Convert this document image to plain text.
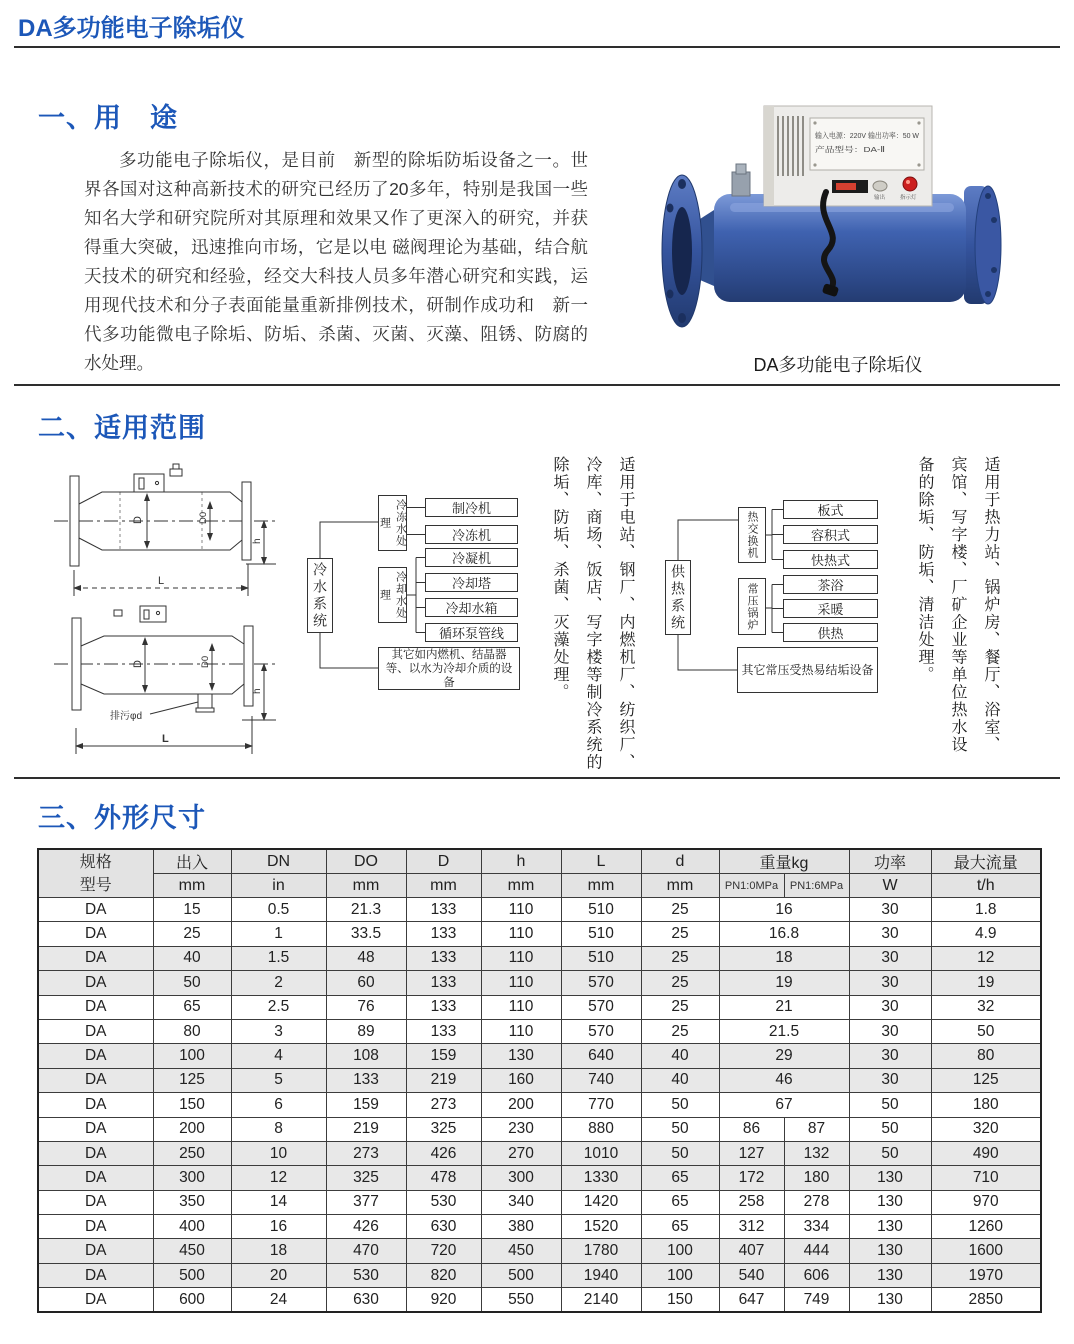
DA多功能电子除垢仪
一、用　途
多功能电子除垢仪，是目前　新型的除垢防垢设备之一。世界各国对这种高新技术的研究已经历了20多年，特别是我国一些知名大学和研究院所对其原理和效果又作了更深入的研究，并获得重大突破，迅速推向市场，它是以电 磁阀理论为基础，结合航天技术的研究和经验，经交大科技人员多年潜心研究和实践，运用现代技术和分子表面能量重新排例技术，研制作成功和　新一代多功能微电子除垢、防垢、杀菌、灭菌、灭藻、阻锈、防腐的水处理。
输入电源：220V 输出功率：50 W
产品型号：DA-Ⅱ
输出	指示灯
DA多功能电子除垢仪
二、适用范围
D	D0
h
L
D	D0
h
L
排污φd
冷水系统
冷冻水处理
制冷机
冷冻机
冷凝机
冷却水处理
冷却塔
冷却水箱
循环泵管线
其它如内燃机、结晶器等、以水为冷却介质的设备	适用于电站、钢厂、内燃机厂、纺织厂、
冷库、商场、饭店、写字楼等制冷系统的
除垢、防垢、杀菌、灭藻处理。	供热系统
热交换机
板式
容积式
快热式
常压锅炉	茶浴
采暖
供热
其它常压受热易结垢设备	适用于热力站、锅炉房、餐厅、浴室、
宾馆、写字楼、厂矿企业等单位热水设
备的除垢、防垢、清洁处理。
三、外形尺寸
规格
型号	出入	DN	DO	D	h	L	d	重量kg		功率	最大流量
	mm	in	mm	mm	mm	mm	mm	PN1:0MPa	PN1:6MPa	W	t/h
DA	15	0.5	21.3	133	110	510	25	16		30	1.8
DA	25	1	33.5	133	110	510	25	16.8		30	4.9
DA	40	1.5	48	133	110	510	25	18		30	12
DA	50	2	60	133	110	570	25	19		30	19
DA	65	2.5	76	133	110	570	25	21		30	32
DA	80	3	89	133	110	570	25	21.5		30	50
DA	100	4	108	159	130	640	40	29		30	80
DA	125	5	133	219	160	740	40	46		30	125
DA	150	6	159	273	200	770	50	67		50	180
DA	200	8	219	325	230	880	50	86	87	50	320
DA	250	10	273	426	270	1010	50	127	132	50	490
DA	300	12	325	478	300	1330	65	172	180	130	710
DA	350	14	377	530	340	1420	65	258	278	130	970
DA	400	16	426	630	380	1520	65	312	334	130	1260
DA	450	18	470	720	450	1780	100	407	444	130	1600
DA	500	20	530	820	500	1940	100	540	606	130	1970
DA	600	24	630	920	550	2140	150	647	749	130	2850
